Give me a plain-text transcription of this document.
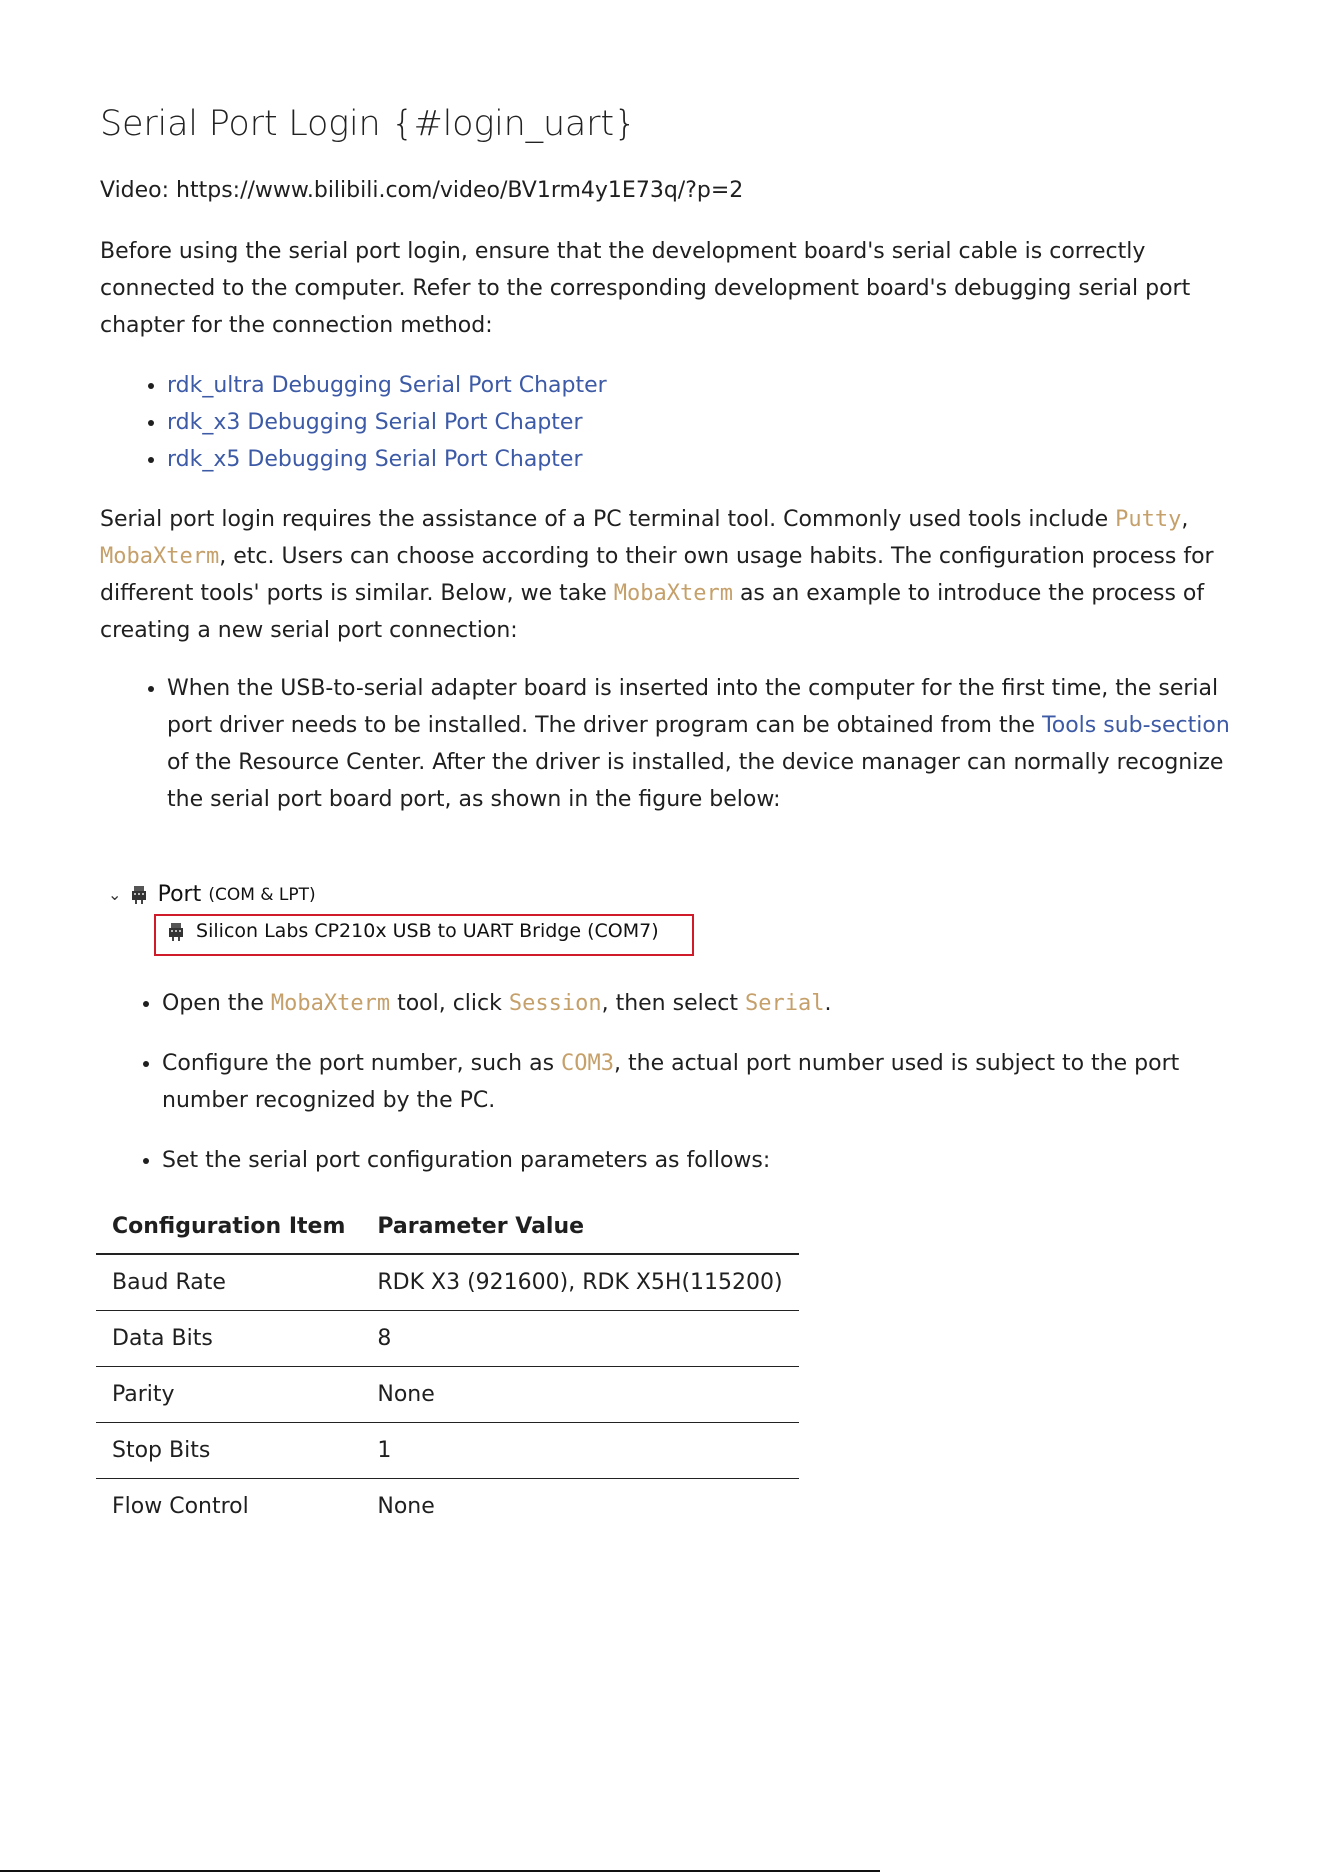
Serial Port Login {#login_uart}

Video: https://www.bilibili.com/video/BV1rm4y1E73q/?p=2

Before using the serial port login, ensure that the development board's serial cable is correctly connected to the computer. Refer to the corresponding development board's debugging serial port chapter for the connection method:

• rdk_ultra Debugging Serial Port Chapter
• rdk_x3 Debugging Serial Port Chapter
• rdk_x5 Debugging Serial Port Chapter

Serial port login requires the assistance of a PC terminal tool. Commonly used tools include Putty, MobaXterm, etc. Users can choose according to their own usage habits. The configuration process for different tools' ports is similar. Below, we take MobaXterm as an example to introduce the process of creating a new serial port connection:

• When the USB-to-serial adapter board is inserted into the computer for the first time, the serial port driver needs to be installed. The driver program can be obtained from the Tools sub-section of the Resource Center. After the driver is installed, the device manager can normally recognize the serial port board port, as shown in the figure below:
⌄ Port (COM & LPT)
Silicon Labs CP210x USB to UART Bridge (COM7)
• Open the MobaXterm tool, click Session, then select Serial.
• Configure the port number, such as COM3, the actual port number used is subject to the port number recognized by the PC.
• Set the serial port configuration parameters as follows:
Configuration Item	Parameter Value
Baud Rate	RDK X3 (921600), RDK X5H(115200)
Data Bits	8
Parity	None
Stop Bits	1
Flow Control	None
